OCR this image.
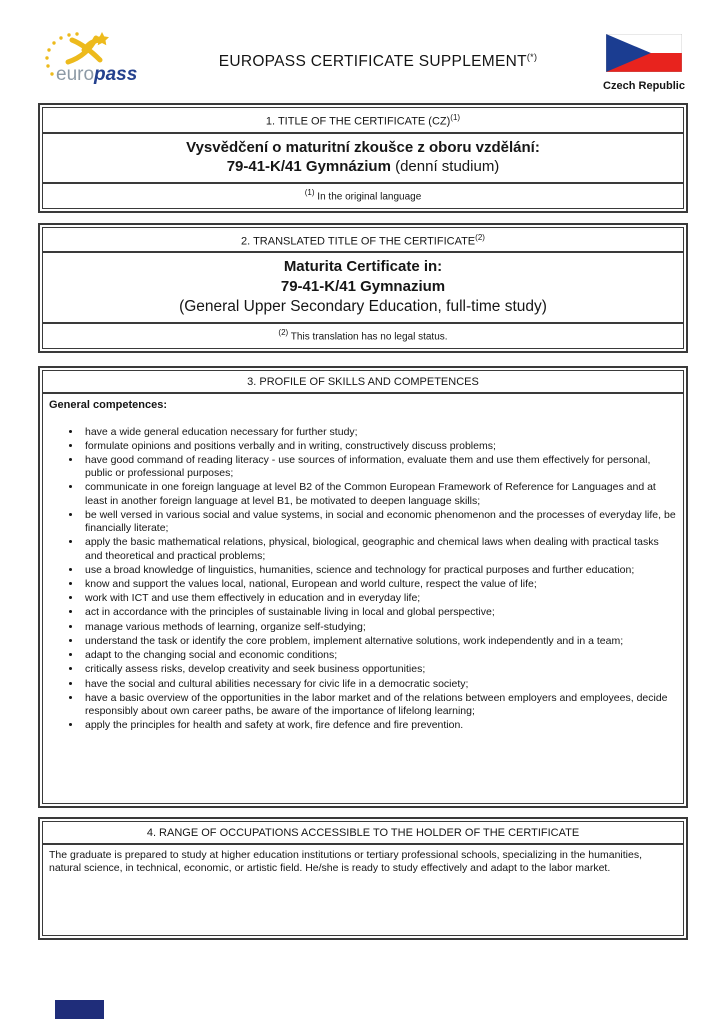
euro pass
EUROPASS CERTIFICATE SUPPLEMENT(*)
Czech Republic
1. TITLE OF THE CERTIFICATE (CZ)$^{(1)}$
Vysvědčení o maturitní zkoušce z oboru vzdělání:
79-41-K/41 Gymnázium (denní studium)
$^{(1)}$ In the original language
2. TRANSLATED TITLE OF THE CERTIFICATE$^{(2)}$
Maturita Certificate in:
79-41-K/41 Gymnazium
(General Upper Secondary Education, full-time study)
$^{(2)}$ This translation has no legal status.
3. PROFILE OF SKILLS AND COMPETENCES
General competences:
• have a wide general education necessary for further study;
• formulate opinions and positions verbally and in writing, constructively discuss problems;
• have good command of reading literacy - use sources of information, evaluate them and use them effectively for personal, public or professional purposes;
• communicate in one foreign language at level B2 of the Common European Framework of Reference for Languages and at least in another foreign language at level B1, be motivated to deepen language skills;
• be well versed in various social and value systems, in social and economic phenomenon and the processes of everyday life, be financially literate;
• apply the basic mathematical relations, physical, biological, geographic and chemical laws when dealing with practical tasks and theoretical and practical problems;
• use a broad knowledge of linguistics, humanities, science and technology for practical purposes and further education;
• know and support the values local, national, European and world culture, respect the value of life;
• work with ICT and use them effectively in education and in everyday life;
• act in accordance with the principles of sustainable living in local and global perspective;
• manage various methods of learning, organize self-studying;
• understand the task or identify the core problem, implement alternative solutions, work independently and in a team;
• adapt to the changing social and economic conditions;
• critically assess risks, develop creativity and seek business opportunities;
• have the social and cultural abilities necessary for civic life in a democratic society;
• have a basic overview of the opportunities in the labor market and of the relations between employers and employees, decide responsibly about own career paths, be aware of the importance of lifelong learning;
• apply the principles for health and safety at work, fire defence and fire prevention.
4. RANGE OF OCCUPATIONS ACCESSIBLE TO THE HOLDER OF THE CERTIFICATE
The graduate is prepared to study at higher education institutions or tertiary professional schools, specializing in the humanities, natural science, in technical, economic, or artistic field. He/she is ready to study effectively and adapt to the labor market.
